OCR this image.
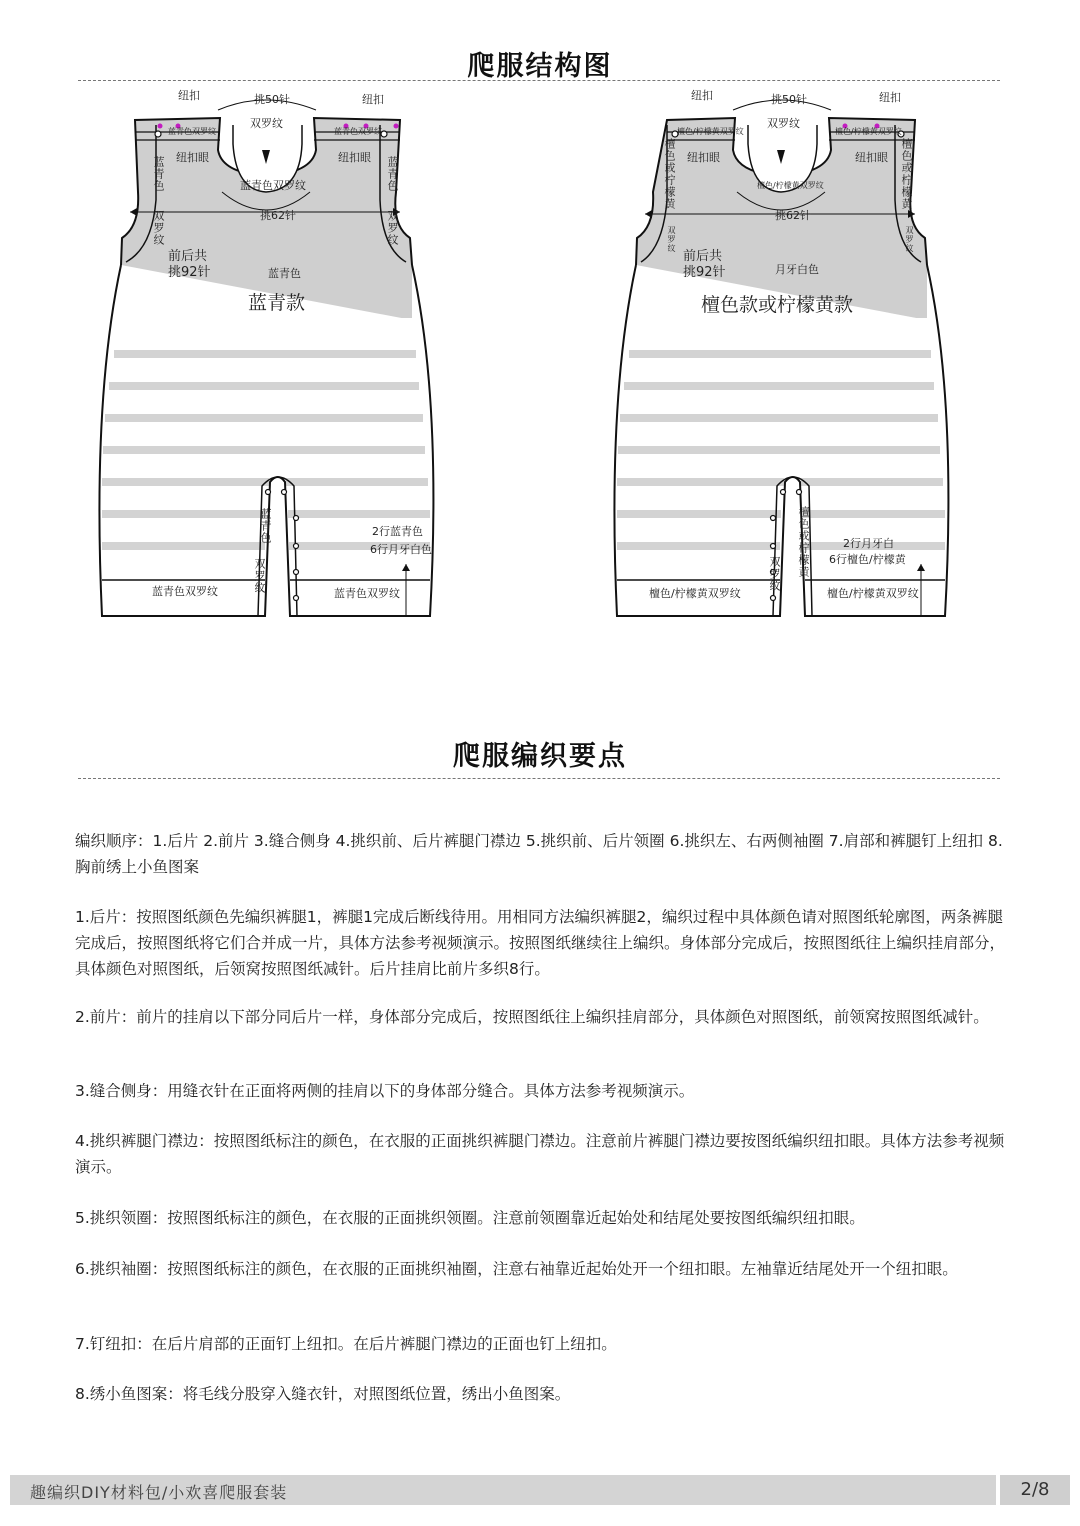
爬服结构图
纽扣	纽扣
挑50针
双罗纹
蓝青色双罗纹	蓝青色双罗纹
纽扣眼	纽扣眼
蓝青色	蓝青色
蓝青色双罗纹
挑62针
双罗纹	双罗纹
前后共
挑92针	蓝青色
蓝青款
蓝青色
双罗纹
2行蓝青色
6行月牙白色
蓝青色双罗纹	蓝青色双罗纹
纽扣	纽扣
挑50针
双罗纹
檀色/柠檬黄双罗纹	檀色/柠檬黄双罗纹
纽扣眼	纽扣眼
檀色或柠檬黄	檀色或柠檬黄
檀色/柠檬黄双罗纹
挑62针
双罗纹	双罗纹
前后共
挑92针	月牙白色
檀色款或柠檬黄款
檀色或柠檬黄
双罗纹
2行月牙白
6行檀色/柠檬黄
檀色/柠檬黄双罗纹	檀色/柠檬黄双罗纹
爬服编织要点

编织顺序：1.后片 2.前片 3.缝合侧身 4.挑织前、后片裤腿门襟边 5.挑织前、后片领圈 6.挑织左、右两侧袖圈 7.肩部和裤腿钉上纽扣 8.胸前绣上小鱼图案

1.后片：按照图纸颜色先编织裤腿1，裤腿1完成后断线待用。用相同方法编织裤腿2，编织过程中具体颜色请对照图纸轮廓图，两条裤腿完成后，按照图纸将它们合并成一片，具体方法参考视频演示。按照图纸继续往上编织。身体部分完成后，按照图纸往上编织挂肩部分，具体颜色对照图纸，后领窝按照图纸减针。后片挂肩比前片多织8行。

2.前片：前片的挂肩以下部分同后片一样，身体部分完成后，按照图纸往上编织挂肩部分，具体颜色对照图纸，前领窝按照图纸减针。

3.缝合侧身：用缝衣针在正面将两侧的挂肩以下的身体部分缝合。具体方法参考视频演示。

4.挑织裤腿门襟边：按照图纸标注的颜色，在衣服的正面挑织裤腿门襟边。注意前片裤腿门襟边要按图纸编织纽扣眼。具体方法参考视频演示。

5.挑织领圈：按照图纸标注的颜色，在衣服的正面挑织领圈。注意前领圈靠近起始处和结尾处要按图纸编织纽扣眼。

6.挑织袖圈：按照图纸标注的颜色，在衣服的正面挑织袖圈，注意右袖靠近起始处开一个纽扣眼。左袖靠近结尾处开一个纽扣眼。

7.钉纽扣：在后片肩部的正面钉上纽扣。在后片裤腿门襟边的正面也钉上纽扣。

8.绣小鱼图案：将毛线分股穿入缝衣针，对照图纸位置，绣出小鱼图案。

趣编织DIY材料包/小欢喜爬服套装	2/8
